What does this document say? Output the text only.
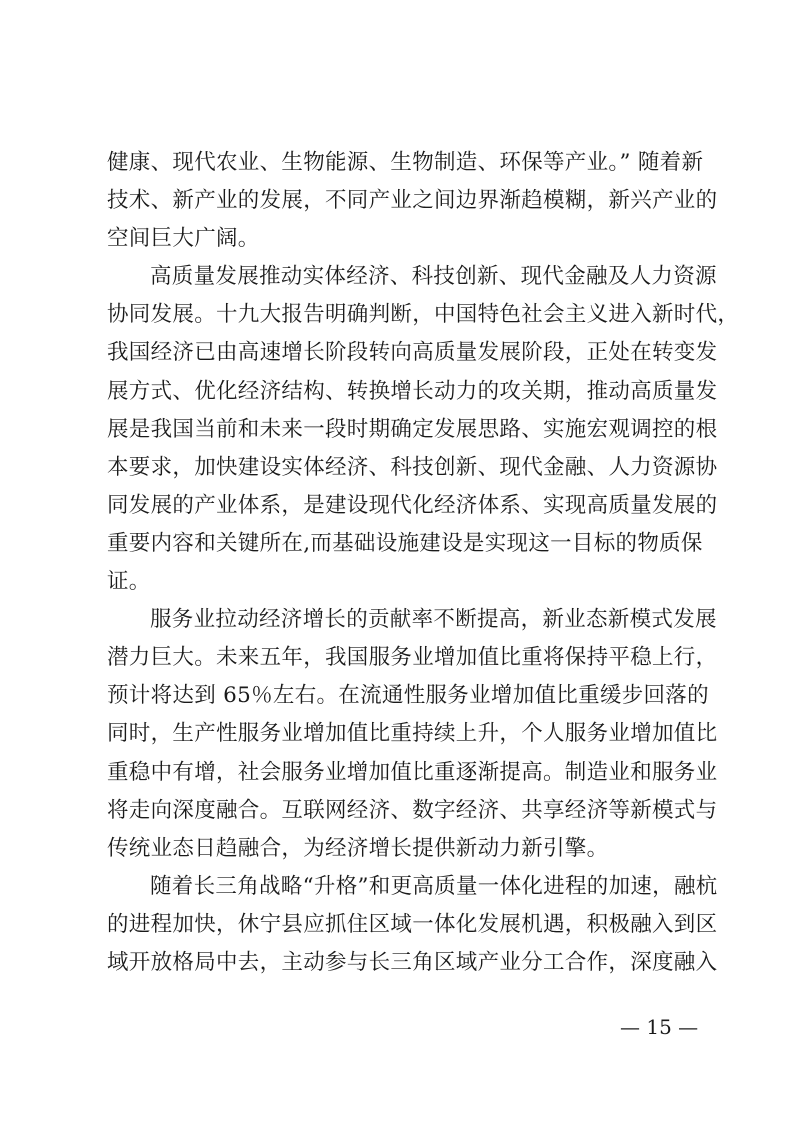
健康、现代农业、生物能源、生物制造、环保等产业。” 随着新
技术、新产业的发展，不同产业之间边界渐趋模糊，新兴产业的
空间巨大广阔。

高质量发展推动实体经济、科技创新、现代金融及人力资源
协同发展。十九大报告明确判断，中国特色社会主义进入新时代，
我国经济已由高速增长阶段转向高质量发展阶段，正处在转变发
展方式、优化经济结构、转换增长动力的攻关期，推动高质量发
展是我国当前和未来一段时期确定发展思路、实施宏观调控的根
本要求，加快建设实体经济、科技创新、现代金融、人力资源协
同发展的产业体系，是建设现代化经济体系、实现高质量发展的
重要内容和关键所在,而基础设施建设是实现这一目标的物质保
证。

服务业拉动经济增长的贡献率不断提高，新业态新模式发展
潜力巨大。未来五年，我国服务业增加值比重将保持平稳上行，
预计将达到 65％左右。在流通性服务业增加值比重缓步回落的
同时，生产性服务业增加值比重持续上升，个人服务业增加值比
重稳中有增，社会服务业增加值比重逐渐提高。制造业和服务业
将走向深度融合。互联网经济、数字经济、共享经济等新模式与
传统业态日趋融合，为经济增长提供新动力新引擎。

随着长三角战略“升格”和更高质量一体化进程的加速，融杭
的进程加快，休宁县应抓住区域一体化发展机遇，积极融入到区
域开放格局中去，主动参与长三角区域产业分工合作，深度融入

— 15 —
